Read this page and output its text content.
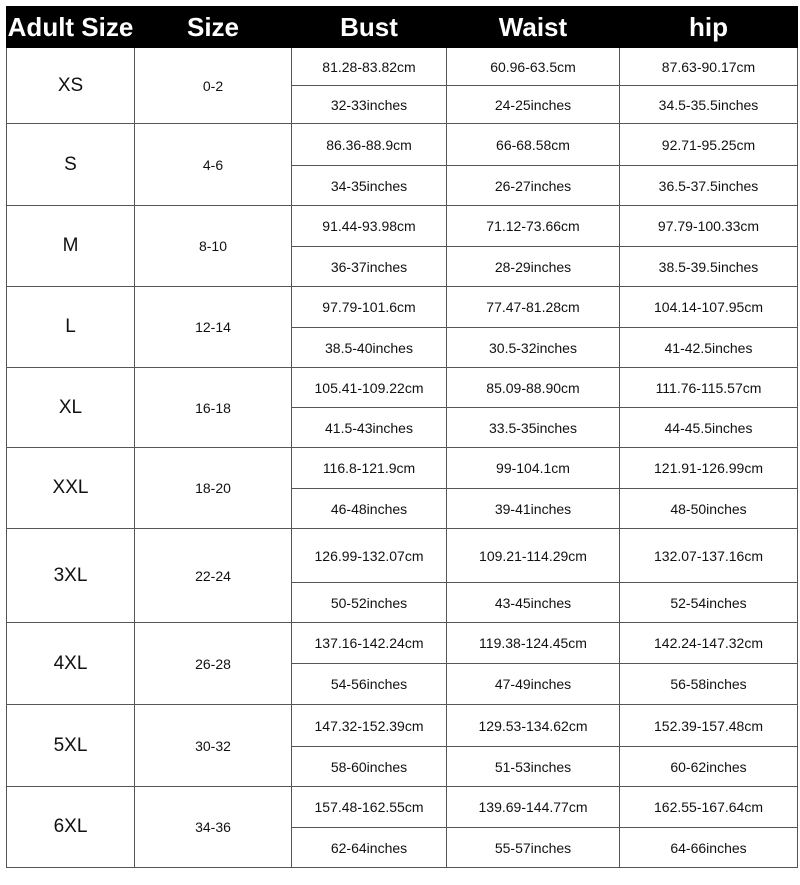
Adult Size	Size	Bust	Waist	hip
XS	0-2	81.28-83.82cm	60.96-63.5cm	87.63-90.17cm
		32-33inches	24-25inches	34.5-35.5inches
S	4-6	86.36-88.9cm	66-68.58cm	92.71-95.25cm
		34-35inches	26-27inches	36.5-37.5inches
M	8-10	91.44-93.98cm	71.12-73.66cm	97.79-100.33cm
		36-37inches	28-29inches	38.5-39.5inches
L	12-14	97.79-101.6cm	77.47-81.28cm	104.14-107.95cm
		38.5-40inches	30.5-32inches	41-42.5inches
XL	16-18	105.41-109.22cm	85.09-88.90cm	111.76-115.57cm
		41.5-43inches	33.5-35inches	44-45.5inches
XXL	18-20	116.8-121.9cm	99-104.1cm	121.91-126.99cm
		46-48inches	39-41inches	48-50inches
3XL	22-24	126.99-132.07cm	109.21-114.29cm	132.07-137.16cm
		50-52inches	43-45inches	52-54inches
4XL	26-28	137.16-142.24cm	119.38-124.45cm	142.24-147.32cm
		54-56inches	47-49inches	56-58inches
5XL	30-32	147.32-152.39cm	129.53-134.62cm	152.39-157.48cm
		58-60inches	51-53inches	60-62inches
6XL	34-36	157.48-162.55cm	139.69-144.77cm	162.55-167.64cm
		62-64inches	55-57inches	64-66inches
